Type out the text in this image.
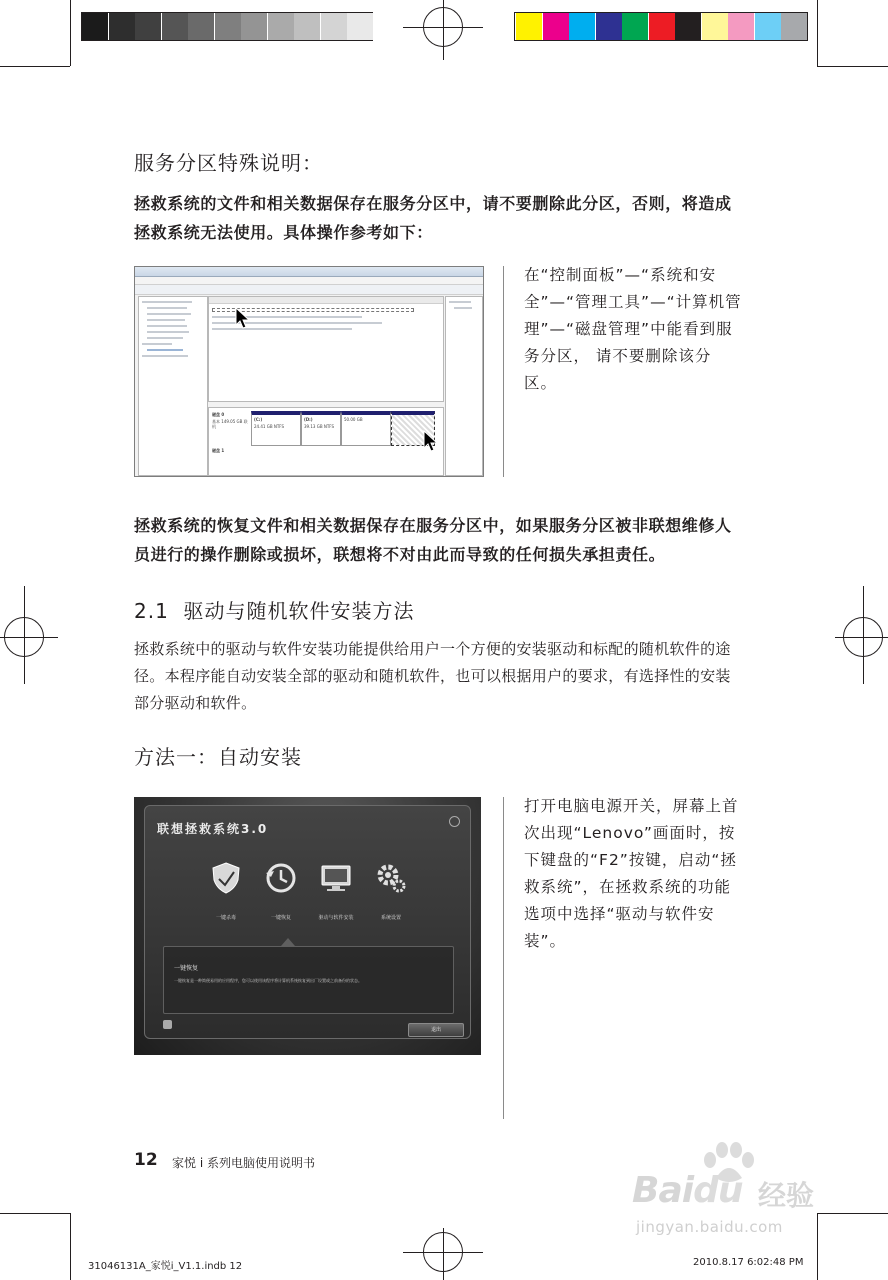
服务分区特殊说明：
拯救系统的文件和相关数据保存在服务分区中，请不要删除此分区，否则，将造成拯救系统无法使用。具体操作参考如下：
磁盘 0
基本 149.05 GB 联机
(C:)
24.41 GB NTFS
(D:)
39.13 GB NTFS
50.00 GB
磁盘 1
在“控制面板”—“系统和安全”—“管理工具”—“计算机管理”—“磁盘管理”中能看到服务分区， 请不要删除该分区。
拯救系统的恢复文件和相关数据保存在服务分区中，如果服务分区被非联想维修人员进行的操作删除或损坏，联想将不对由此而导致的任何损失承担责任。
2.1 驱动与随机软件安装方法
拯救系统中的驱动与软件安装功能提供给用户一个方便的安装驱动和标配的随机软件的途径。本程序能自动安装全部的驱动和随机软件，也可以根据用户的要求，有选择性的安装部分驱动和软件。
方法一：自动安装
联想拯救系统3.0
一键杀毒	一键恢复	驱动与软件安装	系统设置
一键恢复
一键恢复是一种简便易用的应用程序，您可以使用该程序将计算机系统恢复到出厂设置或之前备份的状态。
退出
打开电脑电源开关，屏幕上首次出现“Lenovo”画面时，按下键盘的“F2”按键，启动“拯救系统”，在拯救系统的功能选项中选择“驱动与软件安装”。
12 家悦 i 系列电脑使用说明书
31046131A_家悦i_V1.1.indb 12	2010.8.17 6:02:48 PM
Baidu 经验
jingyan.baidu.com
